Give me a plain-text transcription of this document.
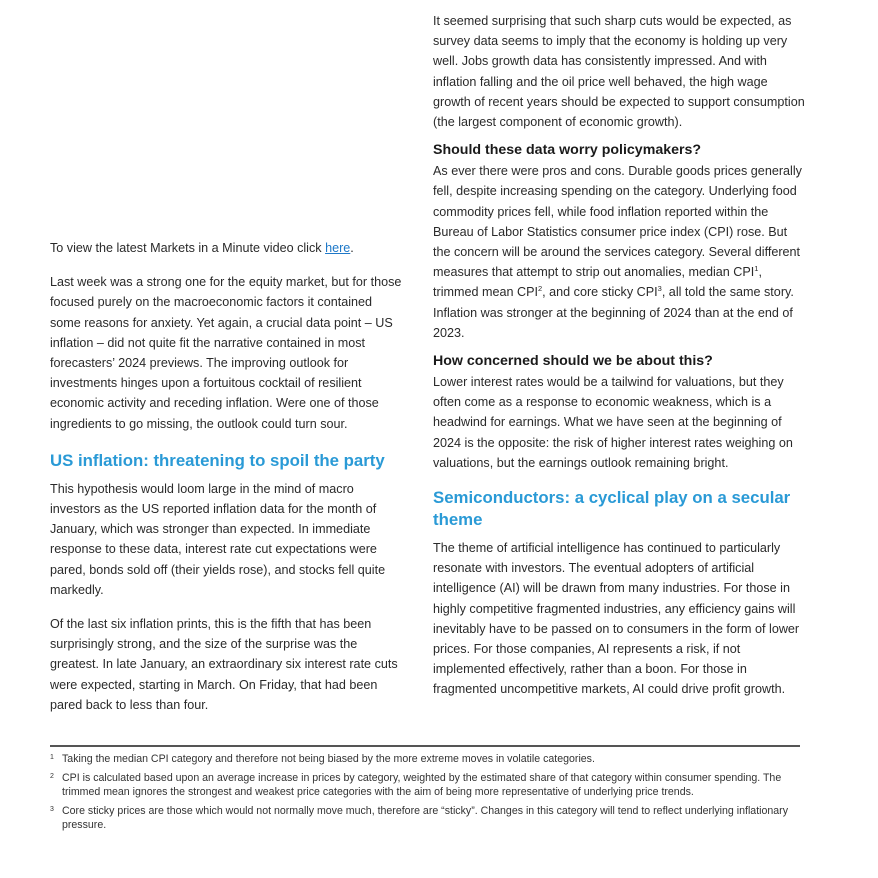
To view the latest Markets in a Minute video click here.

Last week was a strong one for the equity market, but for those focused purely on the macroeconomic factors it contained some reasons for anxiety. Yet again, a crucial data point – US inflation – did not quite fit the narrative contained in most forecasters’ 2024 previews. The improving outlook for investments hinges upon a fortuitous cocktail of resilient economic activity and receding inflation. Were one of those ingredients to go missing, the outlook could turn sour.

US inflation: threatening to spoil the party

This hypothesis would loom large in the mind of macro investors as the US reported inflation data for the month of January, which was stronger than expected. In immediate response to these data, interest rate cut expectations were pared, bonds sold off (their yields rose), and stocks fell quite markedly.

Of the last six inflation prints, this is the fifth that has been surprisingly strong, and the size of the surprise was the greatest. In late January, an extraordinary six interest rate cuts were expected, starting in March. On Friday, that had been pared back to less than four.

It seemed surprising that such sharp cuts would be expected, as survey data seems to imply that the economy is holding up very well. Jobs growth data has consistently impressed. And with inflation falling and the oil price well behaved, the high wage growth of recent years should be expected to support consumption (the largest component of economic growth).

Should these data worry policymakers?

As ever there were pros and cons. Durable goods prices generally fell, despite increasing spending on the category. Underlying food commodity prices fell, while food inflation reported within the Bureau of Labor Statistics consumer price index (CPI) rose. But the concern will be around the services category. Several different measures that attempt to strip out anomalies, median CPI$^1$, trimmed mean CPI$^2$, and core sticky CPI$^3$, all told the same story. Inflation was stronger at the beginning of 2024 than at the end of 2023.

How concerned should we be about this?

Lower interest rates would be a tailwind for valuations, but they often come as a response to economic weakness, which is a headwind for earnings. What we have seen at the beginning of 2024 is the opposite: the risk of higher interest rates weighing on valuations, but the earnings outlook remaining bright.

Semiconductors: a cyclical play on a secular theme

The theme of artificial intelligence has continued to particularly resonate with investors. The eventual adopters of artificial intelligence (AI) will be drawn from many industries. For those in highly competitive fragmented industries, any efficiency gains will inevitably have to be passed on to consumers in the form of lower prices. For those companies, AI represents a risk, if not implemented effectively, rather than a boon. For those in fragmented uncompetitive markets, AI could drive profit growth.

1 Taking the median CPI category and therefore not being biased by the more extreme moves in volatile categories.
2 CPI is calculated based upon an average increase in prices by category, weighted by the estimated share of that category within consumer spending. The trimmed mean ignores the strongest and weakest price categories with the aim of being more representative of underlying price trends.
3 Core sticky prices are those which would not normally move much, therefore are “sticky”. Changes in this category will tend to reflect underlying inflationary pressure.
